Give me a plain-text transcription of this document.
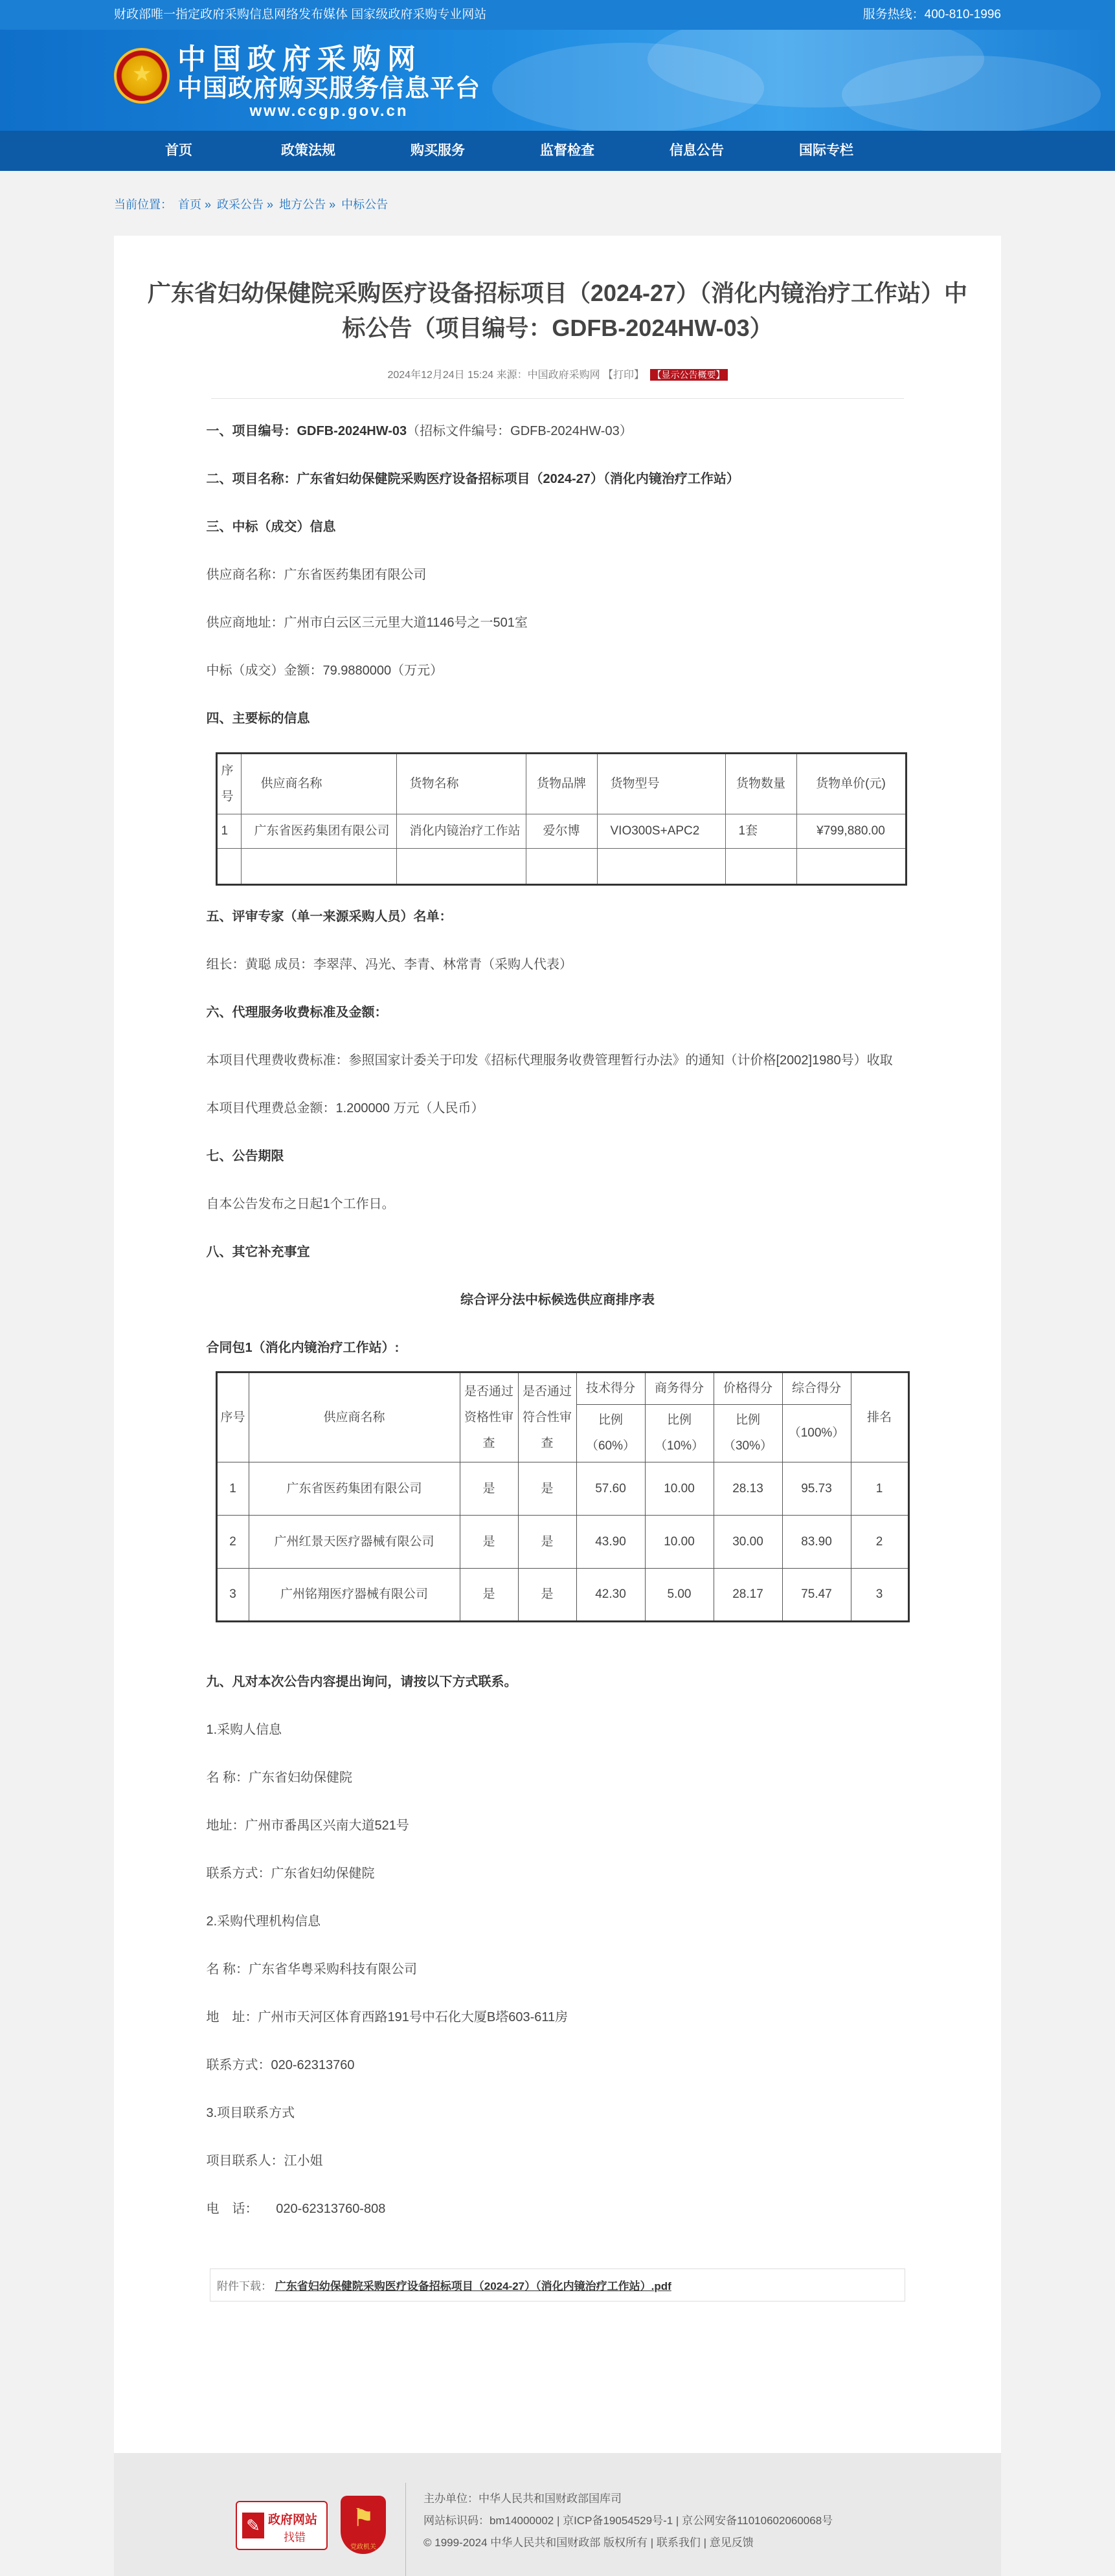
财政部唯一指定政府采购信息网络发布媒体 国家级政府采购专业网站	服务热线：400-810-1996
★ 中国政府采购网
中国政府购买服务信息平台
www.ccgp.gov.cn
首页	政策法规	购买服务	监督检查	信息公告	国际专栏
当前位置： 首页 » 政采公告 » 地方公告 » 中标公告
广东省妇幼保健院采购医疗设备招标项目（2024-27）（消化内镜治疗工作站）中标公告（项目编号：GDFB-2024HW-03）
2024年12月24日 15:24 来源：中国政府采购网 【打印】 【显示公告概要】
一、项目编号：GDFB-2024HW-03（招标文件编号：GDFB-2024HW-03）
二、项目名称：广东省妇幼保健院采购医疗设备招标项目（2024-27）（消化内镜治疗工作站）
三、中标（成交）信息
供应商名称：广东省医药集团有限公司
供应商地址：广州市白云区三元里大道1146号之一501室
中标（成交）金额：79.9880000（万元）
四、主要标的信息
序号	供应商名称	货物名称	货物品牌	货物型号	货物数量	货物单价(元)
1	广东省医药集团有限公司	消化内镜治疗工作站	爱尔博	VIO300S+APC2	1套	¥799,880.00

五、评审专家（单一来源采购人员）名单：
组长：黄聪 成员：李翠萍、冯光、李青、林常青（采购人代表）
六、代理服务收费标准及金额：
本项目代理费收费标准：参照国家计委关于印发《招标代理服务收费管理暂行办法》的通知（计价格[2002]1980号）收取
本项目代理费总金额：1.200000 万元（人民币）
七、公告期限
自本公告发布之日起1个工作日。
八、其它补充事宜
综合评分法中标候选供应商排序表
合同包1（消化内镜治疗工作站）:
序号	供应商名称	是否通过资格性审查	是否通过符合性审查	技术得分	商务得分	价格得分	综合得分	排名
				比例（60%）	比例（10%）	比例（30%）	（100%）	
1	广东省医药集团有限公司	是	是	57.60	10.00	28.13	95.73	1
2	广州红景天医疗器械有限公司	是	是	43.90	10.00	30.00	83.90	2
3	广州铭翔医疗器械有限公司	是	是	42.30	5.00	28.17	75.47	3
九、凡对本次公告内容提出询问，请按以下方式联系。
1.采购人信息
名 称：广东省妇幼保健院
地址：广州市番禺区兴南大道521号
联系方式：广东省妇幼保健院
2.采购代理机构信息
名 称：广东省华粤采购科技有限公司
地　址：广州市天河区体育西路191号中石化大厦B塔603-611房
联系方式：020-62313760
3.项目联系方式
项目联系人：江小姐
电　话： 020-62313760-808
附件下载： 广东省妇幼保健院采购医疗设备招标项目（2024-27）（消化内镜治疗工作站）.pdf
✎ 政府网站
找错
⚑
党政机关
主办单位：中华人民共和国财政部国库司
网站标识码：bm14000002 | 京ICP备19054529号-1 | 京公网安备11010602060068号
© 1999-2024 中华人民共和国财政部 版权所有 | 联系我们 | 意见反馈
